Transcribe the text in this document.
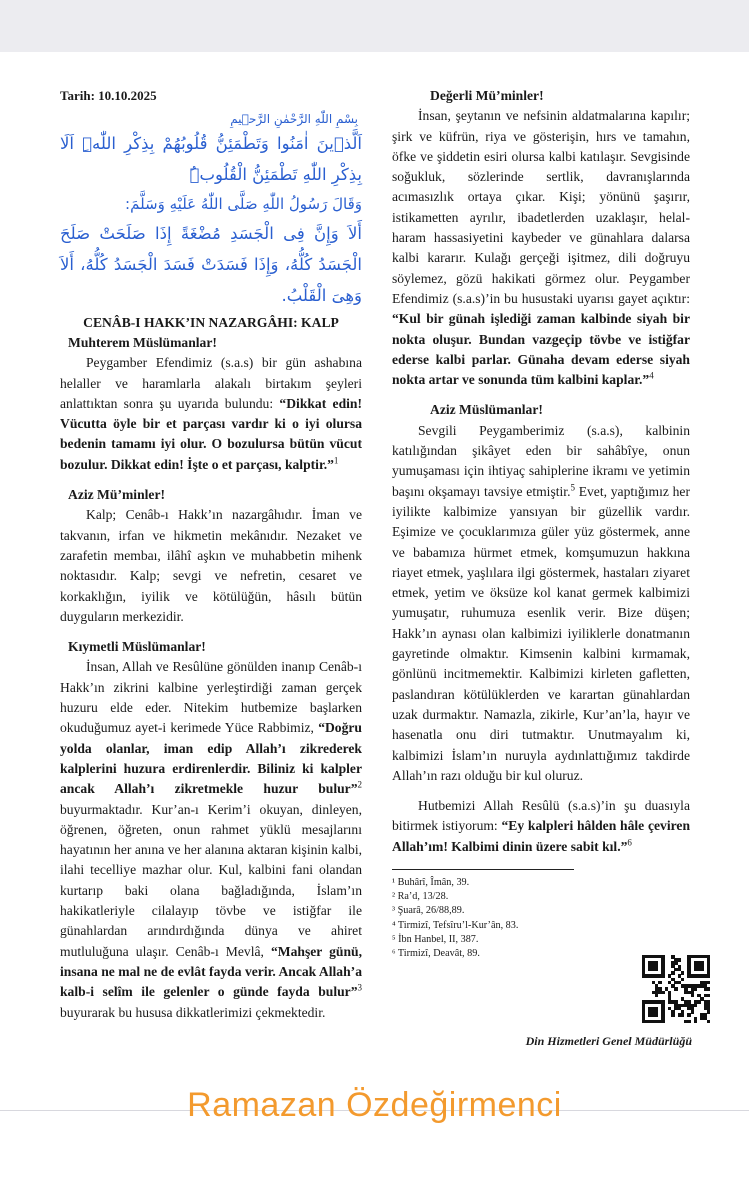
Tarih: 10.10.2025
بِسْمِ اللّٰهِ الرَّحْمٰنِ الرَّح۪يمِ
اَلَّذ۪ينَ اٰمَنُوا وَتَطْمَئِنُّ قُلُوبُهُمْ بِذِكْرِ اللّٰهِۜ اَلَا بِذِكْرِ اللّٰهِ تَطْمَئِنُّ الْقُلُوبُۜ
وَقَالَ رَسُولُ اللّٰهِ صَلَّى اللّٰهُ عَلَيْهِ وَسَلَّمَ:
أَلاَ وَإِنَّ فِى الْجَسَدِ مُضْغَةً إِذَا صَلَحَتْ صَلَحَ الْجَسَدُ كُلُّهُ، وَإِذَا فَسَدَتْ فَسَدَ الْجَسَدُ كُلُّهُ، أَلاَ وَهِىَ الْقَلْبُ.
CENÂB-I HAKK’IN NAZARGÂHI: KALP
Muhterem Müslümanlar!

Peygamber Efendimiz (s.a.s) bir gün ashabına helaller ve haramlarla alakalı birtakım şeyleri anlattıktan sonra şu uyarıda bulundu: “Dikkat edin! Vücutta öyle bir et parçası vardır ki o iyi olursa bedenin tamamı iyi olur. O bozulursa bütün vücut bozulur. Dikkat edin! İşte o et parçası, kalptir.”$^1$

Aziz Mü’minler!

Kalp; Cenâb-ı Hakk’ın nazargâhıdır. İman ve takvanın, irfan ve hikmetin mekânıdır. Nezaket ve zarafetin membaı, ilâhî aşkın ve muhabbetin mihenk noktasıdır. Kalp; sevgi ve nefretin, cesaret ve korkaklığın, iyilik ve kötülüğün, hâsılı bütün duyguların merkezidir.

Kıymetli Müslümanlar!

İnsan, Allah ve Resûlüne gönülden inanıp Cenâb-ı Hakk’ın zikrini kalbine yerleştirdiği zaman gerçek huzuru elde eder. Nitekim hutbemize başlarken okuduğumuz ayet-i kerimede Yüce Rabbimiz, “Doğru yolda olanlar, iman edip Allah’ı zikrederek kalplerini huzura erdirenlerdir. Biliniz ki kalpler ancak Allah’ı zikretmekle huzur bulur”$^2$ buyurmaktadır. Kur’an-ı Kerim’i okuyan, dinleyen, öğrenen, öğreten, onun rahmet yüklü mesajlarını hayatının her anına ve her alanına aktaran kişinin kalbi, ilahi tecelliye mazhar olur. Kul, kalbini fani olandan kurtarıp baki olana bağladığında, İslam’ın hakikatleriyle cilalayıp tövbe ve istiğfar ile günahlardan arındırdığında dünya ve ahiret mutluluğuna ulaşır. Cenâb-ı Mevlâ, “Mahşer günü, insana ne mal ne de evlât fayda verir. Ancak Allah’a kalb-i selîm ile gelenler o günde fayda bulur”$^3$ buyurarak bu hususa dikkatlerimizi çekmektedir.

Değerli Mü’minler!

İnsan, şeytanın ve nefsinin aldatmalarına kapılır; şirk ve küfrün, riya ve gösterişin, hırs ve tamahın, öfke ve şiddetin esiri olursa kalbi katılaşır. Sevgisinde soğukluk, sözlerinde sertlik, davranışlarında acımasızlık ortaya çıkar. Kişi; yönünü şaşırır, istikametten ayrılır, ibadetlerden uzaklaşır, helal-haram hassasiyetini kaybeder ve günahlara dalarsa kalbi kararır. Kulağı gerçeği işitmez, dili doğruyu söylemez, gözü hakikati görmez olur. Peygamber Efendimiz (s.a.s)’in bu husustaki uyarısı gayet açıktır: “Kul bir günah işlediği zaman kalbinde siyah bir nokta oluşur. Bundan vazgeçip tövbe ve istiğfar ederse kalbi parlar. Günaha devam ederse siyah nokta artar ve sonunda tüm kalbini kaplar.”$^4$

Aziz Müslümanlar!

Sevgili Peygamberimiz (s.a.s), kalbinin katılığından şikâyet eden bir sahâbîye, onun yumuşaması için ihtiyaç sahiplerine ikramı ve yetimin başını okşamayı tavsiye etmiştir.$^5$ Evet, yaptığımız her iyilikte kalbimize yansıyan bir güzellik vardır. Eşimize ve çocuklarımıza güler yüz göstermek, anne ve babamıza hürmet etmek, komşumuzun hakkına riayet etmek, yaşlılara ilgi göstermek, hastaları ziyaret etmek, yetim ve öksüze kol kanat germek kalbimizi yumuşatır, ruhumuza esenlik verir. Bize düşen; Hakk’ın aynası olan kalbimizi iyiliklerle donatmanın gayretinde olmaktır. Kimsenin kalbini kırmamak, gönlünü incitmemektir. Kalbimizi kirleten gafletten, paslandıran kötülüklerden ve karartan günahlardan uzak durmaktır. Namazla, zikirle, Kur’an’la, hayır ve hasenatla onu diri tutmaktır. Unutmayalım ki, kalbimizi İslam’ın nuruyla aydınlattığımız takdirde Allah’ın razı olduğu bir kul oluruz.

Hutbemizi Allah Resûlü (s.a.s)’in şu duasıyla bitirmek istiyorum: “Ey kalpleri hâlden hâle çeviren Allah’ım! Kalbimi dinin üzere sabit kıl.”$^6$

¹ Buhârî, Îmân, 39.

² Ra’d, 13/28.

³ Şuarâ, 26/88,89.

⁴ Tirmizî, Tefsîru’l-Kur’ân, 83.

⁵ İbn Hanbel, II, 387.

⁶ Tirmizî, Deavât, 89.

Din Hizmetleri Genel Müdürlüğü
Ramazan Özdeğirmenci
